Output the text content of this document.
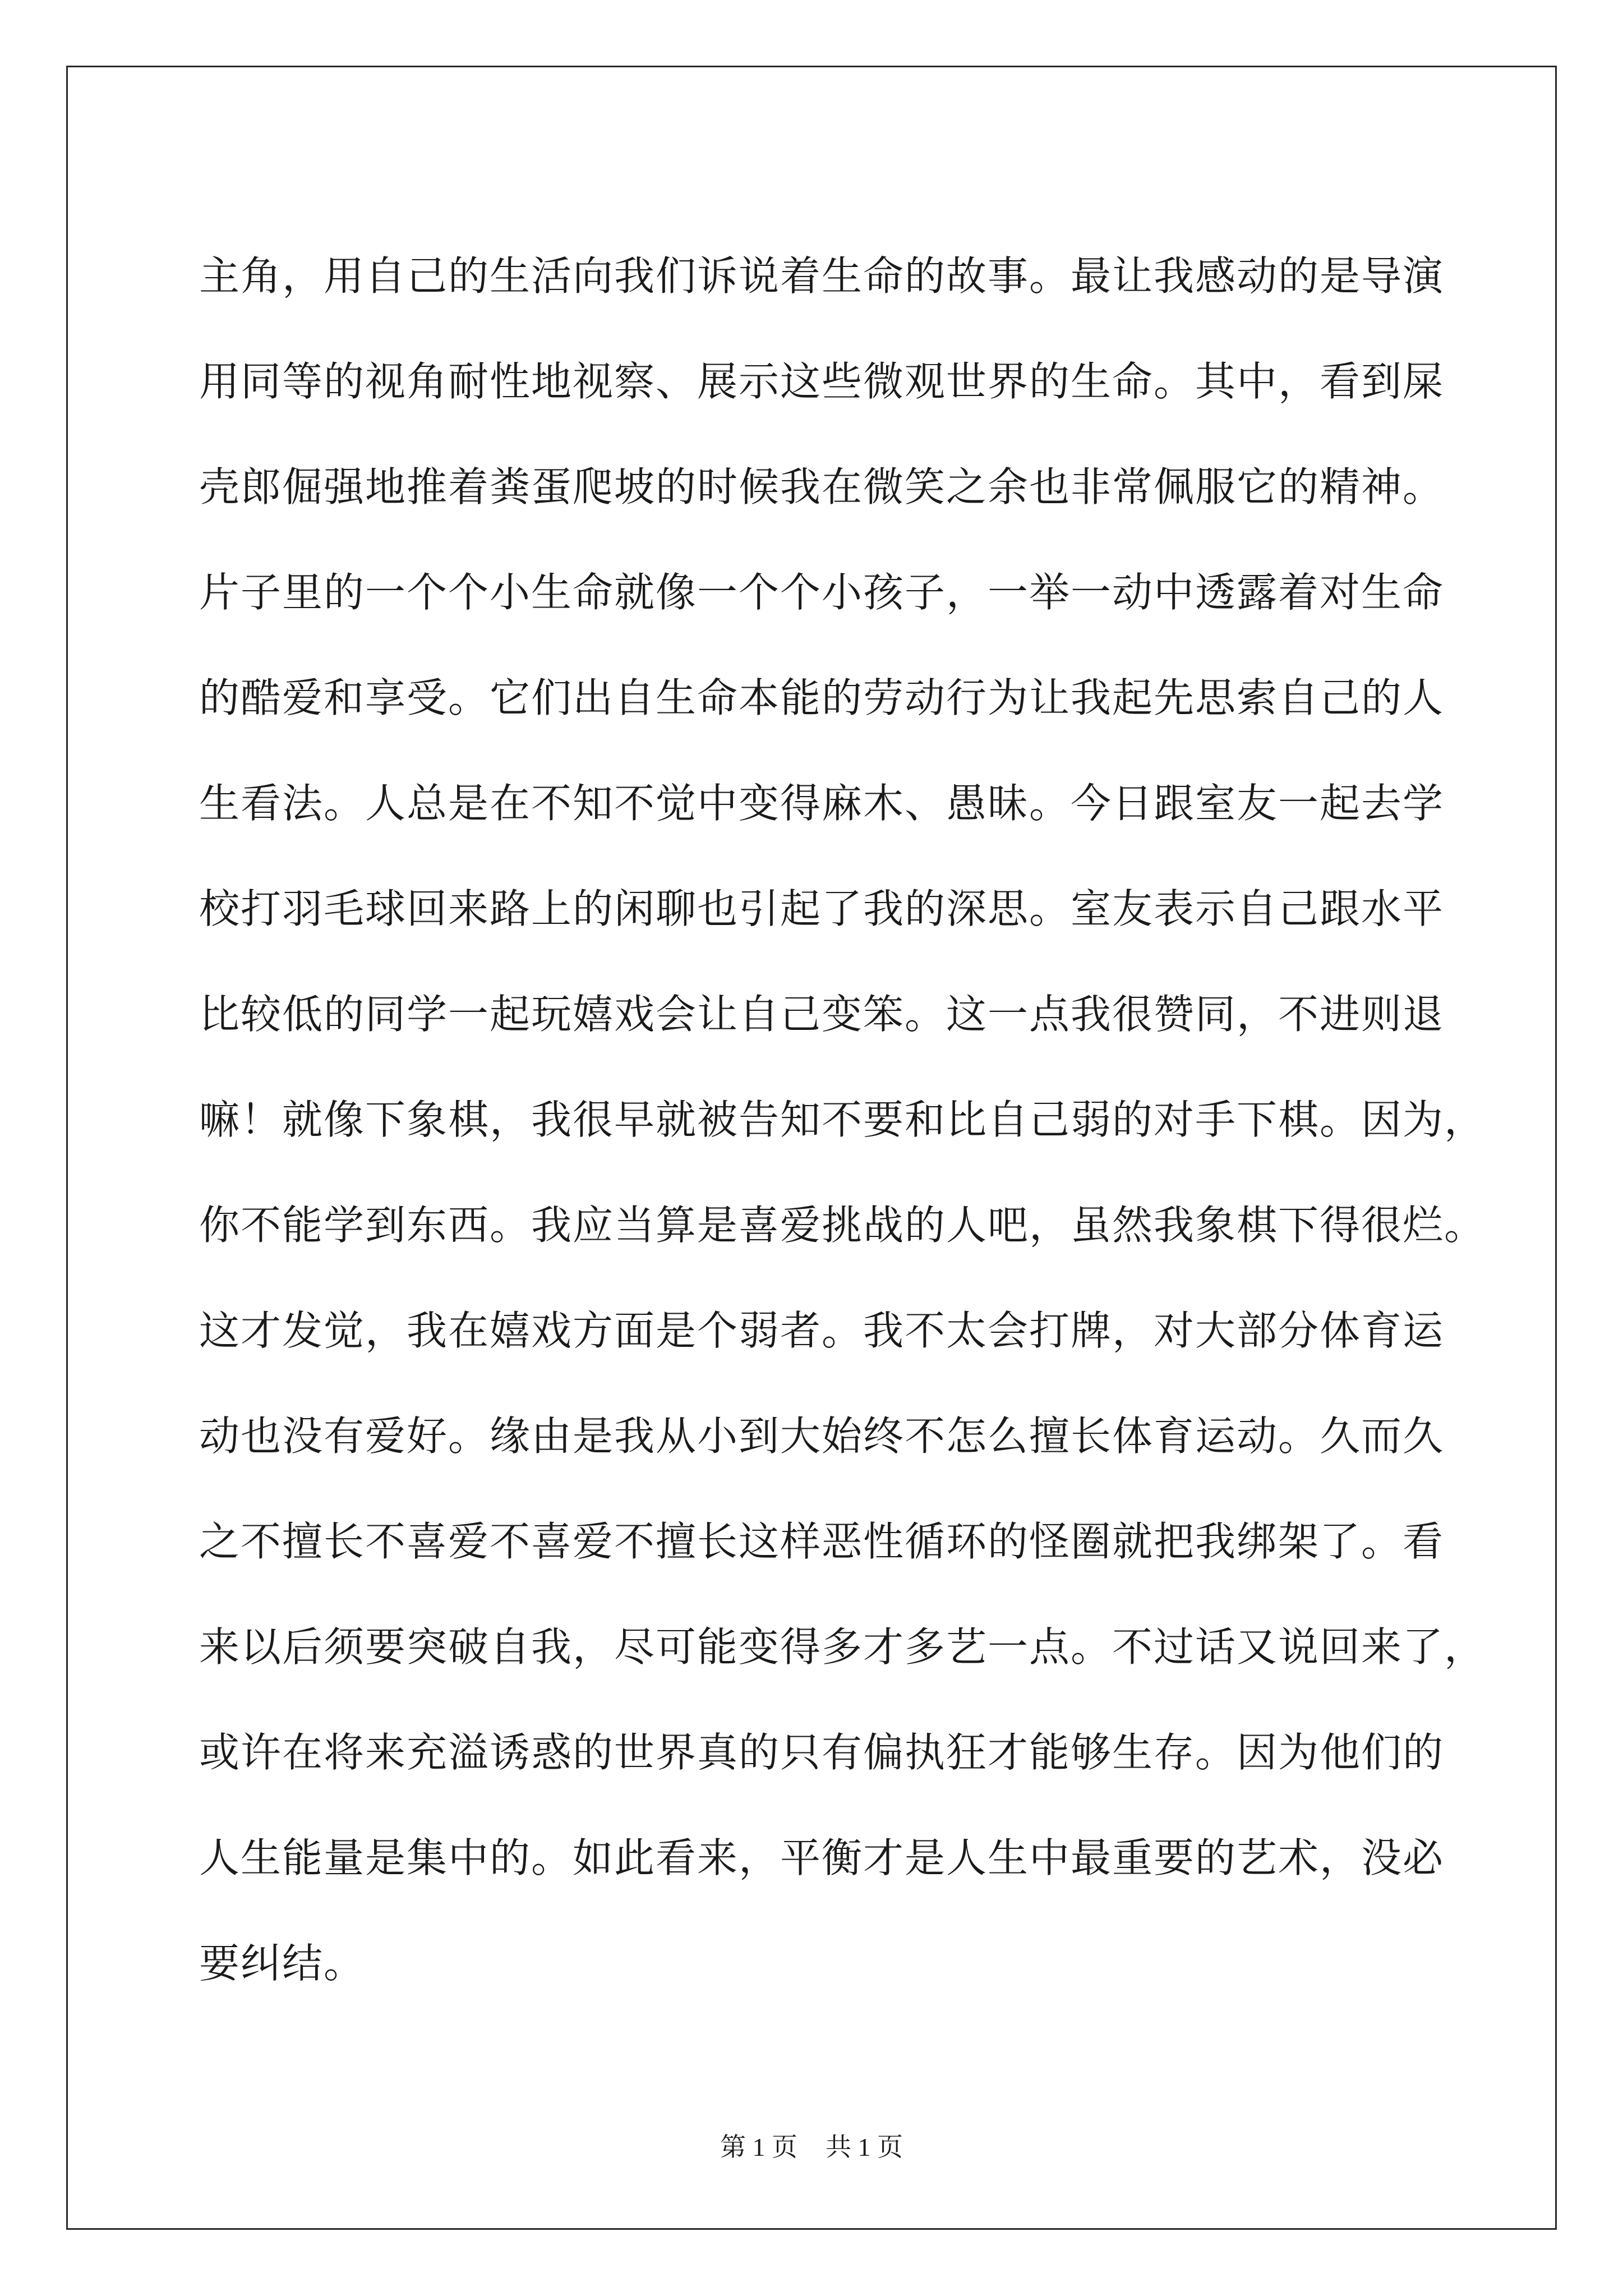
主角，用自己的生活向我们诉说着生命的故事。最让我感动的是导演
用同等的视角耐性地视察、展示这些微观世界的生命。其中，看到屎
壳郎倔强地推着粪蛋爬坡的时候我在微笑之余也非常佩服它的精神。
片子里的一个个小生命就像一个个小孩子，一举一动中透露着对生命
的酷爱和享受。它们出自生命本能的劳动行为让我起先思索自己的人
生看法。人总是在不知不觉中变得麻木、愚昧。今日跟室友一起去学
校打羽毛球回来路上的闲聊也引起了我的深思。室友表示自己跟水平
比较低的同学一起玩嬉戏会让自己变笨。这一点我很赞同，不进则退
嘛！就像下象棋，我很早就被告知不要和比自己弱的对手下棋。因为，
你不能学到东西。我应当算是喜爱挑战的人吧，虽然我象棋下得很烂。
这才发觉，我在嬉戏方面是个弱者。我不太会打牌，对大部分体育运
动也没有爱好。缘由是我从小到大始终不怎么擅长体育运动。久而久
之不擅长不喜爱不喜爱不擅长这样恶性循环的怪圈就把我绑架了。看
来以后须要突破自我，尽可能变得多才多艺一点。不过话又说回来了，
或许在将来充溢诱惑的世界真的只有偏执狂才能够生存。因为他们的
人生能量是集中的。如此看来，平衡才是人生中最重要的艺术，没必
要纠结。
第 1 页 共 1 页
